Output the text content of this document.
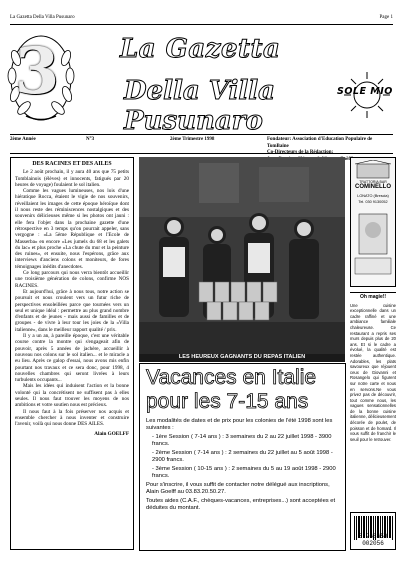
La Gazetta Della Villa Pusunaro	Page 1
3 La Gazetta
Della Villa Pusunaro
SOLE MIO
2ème Année	N°3	2ème Trimestre 1998	Fondateur: Association d'Education Populaire de TomBaine
Co-Directeurs de la Rédaction:
Goëffin
DES RACINES ET DES AILES

Le 2 août prochain, il y aura 40 ans que 75 petits Tomblainois (élèves) et innocents, fatigués par 20 heures de voyage) foulaient le sol italien.

Comme les vagues lumineuses, nos lois d'une hiératique Rocca, étaient le vigie de nos souvenirs, réveillaient les images de cette époque héroïque dont il nous reste des réminiscences nostalgiques et des souvenirs délicieuses même si les photos ont jauni : elle fera l'objet dans la prochaine gazette d'une rétrospective en 3 temps qu'on pourrait appeler, sans vergogne : «La 5ème République et l'Ecole de Masserba» en encore «Les jumels du 68 et les galets du lac» et plus proche «La chute du mur et la peinture des ruines», et ensuite, nous l'espérons, grâce aux interviews d'anciens colons et moniteurs, de fores témoignages inédits d'anecdotes.

Ce long parcours qui nous verra bientôt accueillir une troisième génération de colons, confirme NOS RACINES.

Et aujourd'hui, grâce à nous tous, notre action se poursuit et nous croulent vers un futur riche de perspectives ensoleillées parce que tournées vers un seul et unique idéal : permettre au plus grand nombre d'enfants et de jeunes - mais aussi de familles et de groupes - de vivre à leur tour les joies de la «Villa italienne», dans le meilleur rapport qualité / prix.

Il y a un an, à pareille époque, c'est une véritable course contre la montre qui s'engageait afin de pouvoir, après 5 années de jachère, accueillir à nouveau nos colons sur le sol italien... et le miracle a eu lieu. Après ce galop d'essai, nous avons mis enfin pourtant nos travaux et ce sera donc, pour 1998, 4 nouvelles chambres qui seront livrées à leurs turbulents occupants...

Mais les idées qui induisent l'action et la bonne volonté qui la concrétisent ne suffisent pas à elles seules. Il nous faut trouver les moyens de nos ambitions et votre soutien nous est précieux.

Il nous faut à la fois préserver nos acquis et ensemble chercher à nous inventer et construire l'avenir, voilà qui nous donne DES AILES.

Alain GOELFF

LES HEUREUX GAGNANTS DU REPAS ITALIEN
TRATTORIA BAR
COMINELLO
LONATO (Brescia)
Tel. 030 9130052
Oh magie!!
Une cuisine exceptionnelle dans un cadre raffiné et une ambiance familiale chaleureuse. Ce restaurant a repris ses murs depuis plus de 20 ans. Et si le cadre a évolué, la qualité est restée authentique. Adorables, les plats savoureux que réjouent ceux de Giovanni et Rosangelo qui figurent sur notre carte et nous en servons.Ne vous privez pas de découvrir, tout comme nous, les vagues sensationnelles de la bonne cuisine italienne, délicieusement décorée de poulet, de poisson et de homard. Il vous suffit de franchir le seuil pour le retrouver.
3 268650 002056
Vacances en Italie
pour les 7-15 ans

Les modalités de dates et de prix pour les colonies de l'été 1998 sont les suivantes :

- 1ère Session ( 7-14 ans ) : 3 semaines du 2 au 22 juillet 1998 - 3900 francs.

- 2ème Session ( 7-14 ans ) : 2 semaines du 22 juillet au 5 août 1998 - 2900 francs.

- 3ème Session ( 10-15 ans ) : 2 semaines du 5 au 19 août 1998 - 2900 francs.

Pour s'inscrire, il vous suffit de contacter notre délégué aux inscriptions, Alain Goelff au 03.83.20.50.27.

Toutes aides (C.A.F., chèques-vacances, entreprises...) sont acceptées et déduites du montant.
